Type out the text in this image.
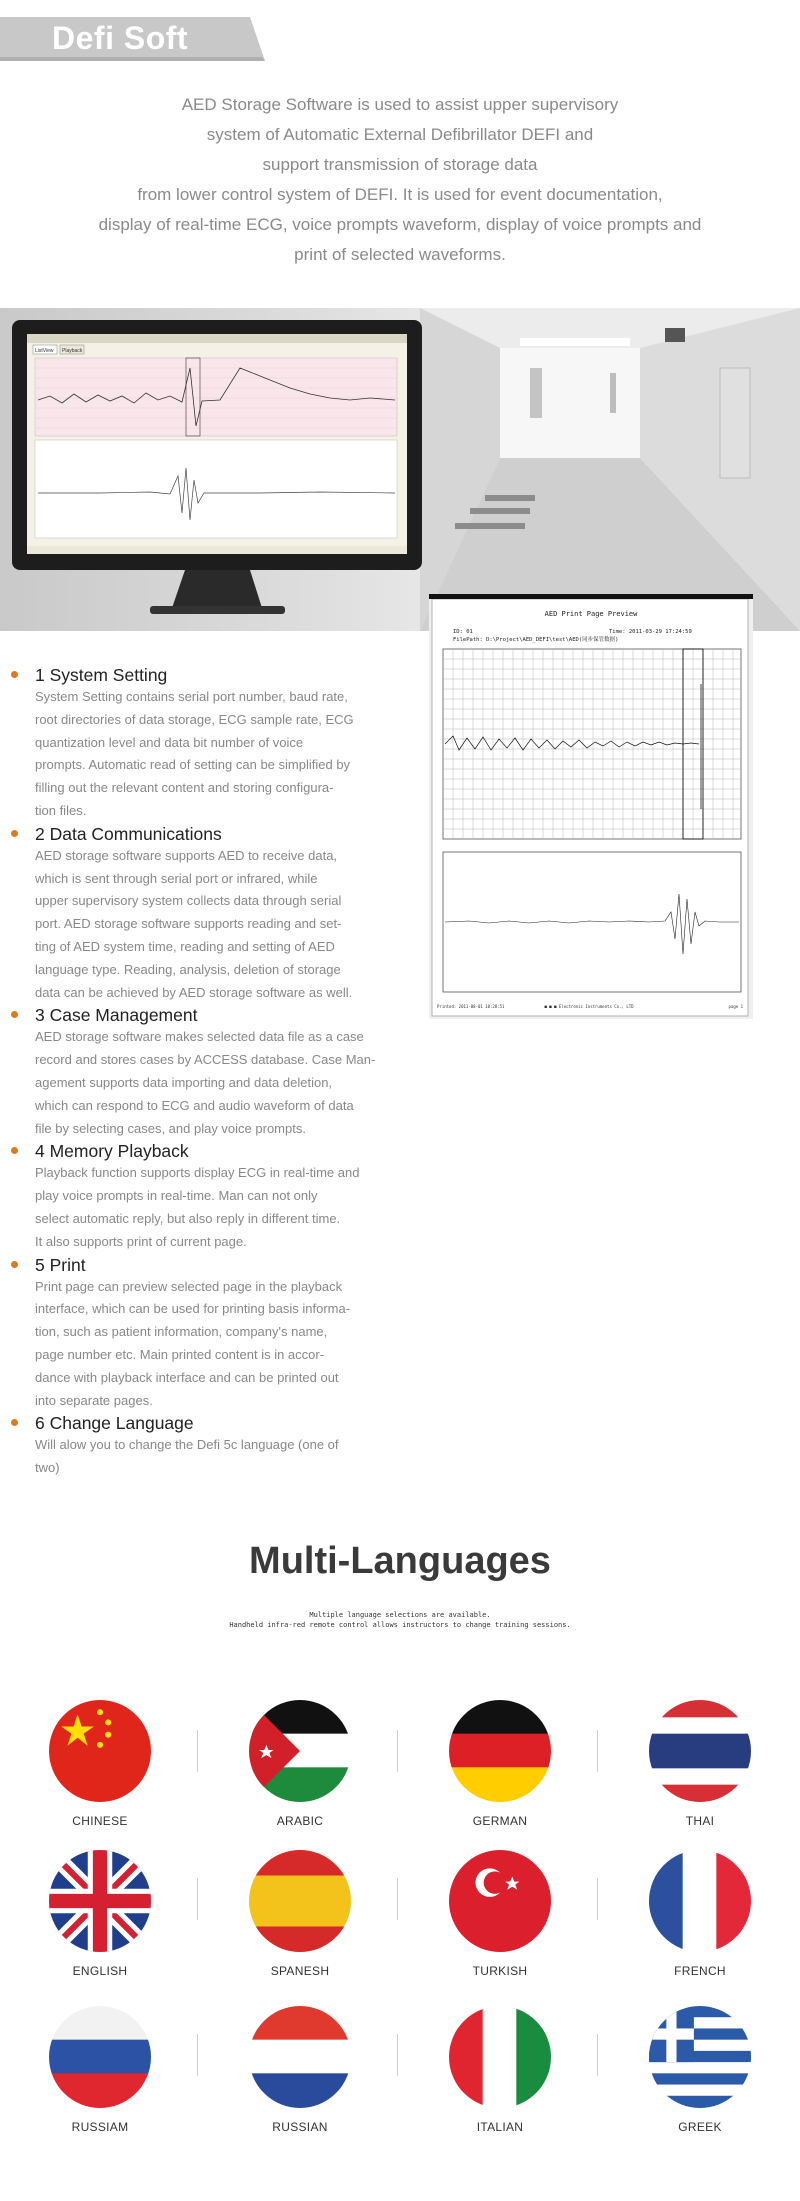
Defi Soft
AED Storage Software is used to assist upper supervisory
system of Automatic External Defibrillator DEFI and
support transmission of storage data
from lower control system of DEFI. It is used for event documentation,
display of real-time ECG, voice prompts waveform, display of voice prompts and
print of selected waveforms.
ListView Playback
AED Print Page Preview
ID: 01	Time: 2011-03-29 17:24:59
FilePath: D:\Project\AED_DEFI\test\AED(同步保管数据)
Printed: 2011-08-01 10:28:51	■ ■ ■ Electronic Instruments Co., LTD	page 1
1 System Setting
System Setting contains serial port number, baud rate,
root directories of data storage, ECG sample rate, ECG
quantization level and data bit number of voice
prompts. Automatic read of setting can be simplified by
filling out the relevant content and storing configura-
tion files.
2 Data Communications
AED storage software supports AED to receive data,
which is sent through serial port or infrared, while
upper supervisory system collects data through serial
port. AED storage software supports reading and set-
ting of AED system time, reading and setting of AED
language type. Reading, analysis, deletion of storage
data can be achieved by AED storage software as well.
3 Case Management
AED storage software makes selected data file as a case
record and stores cases by ACCESS database. Case Man-
agement supports data importing and data deletion,
which can respond to ECG and audio waveform of data
file by selecting cases, and play voice prompts.
4 Memory Playback
Playback function supports display ECG in real-time and
play voice prompts in real-time. Man can not only
select automatic reply, but also reply in different time.
It also supports print of current page.
5 Print
Print page can preview selected page in the playback
interface, which can be used for printing basis informa-
tion, such as patient information, company's name,
page number etc. Main printed content is in accor-
dance with playback interface and can be printed out
into separate pages.
6 Change Language
Will alow you to change the Defi 5c language (one of
two)
Multi-Languages
Multiple language selections are available.
Handheld infra-red remote control allows instructors to change training sessions.
CHINESE	ARABIC	GERMAN	THAI
ENGLISH	SPANESH	TURKISH	FRENCH
RUSSIAM	RUSSIAN	ITALIAN	GREEK
